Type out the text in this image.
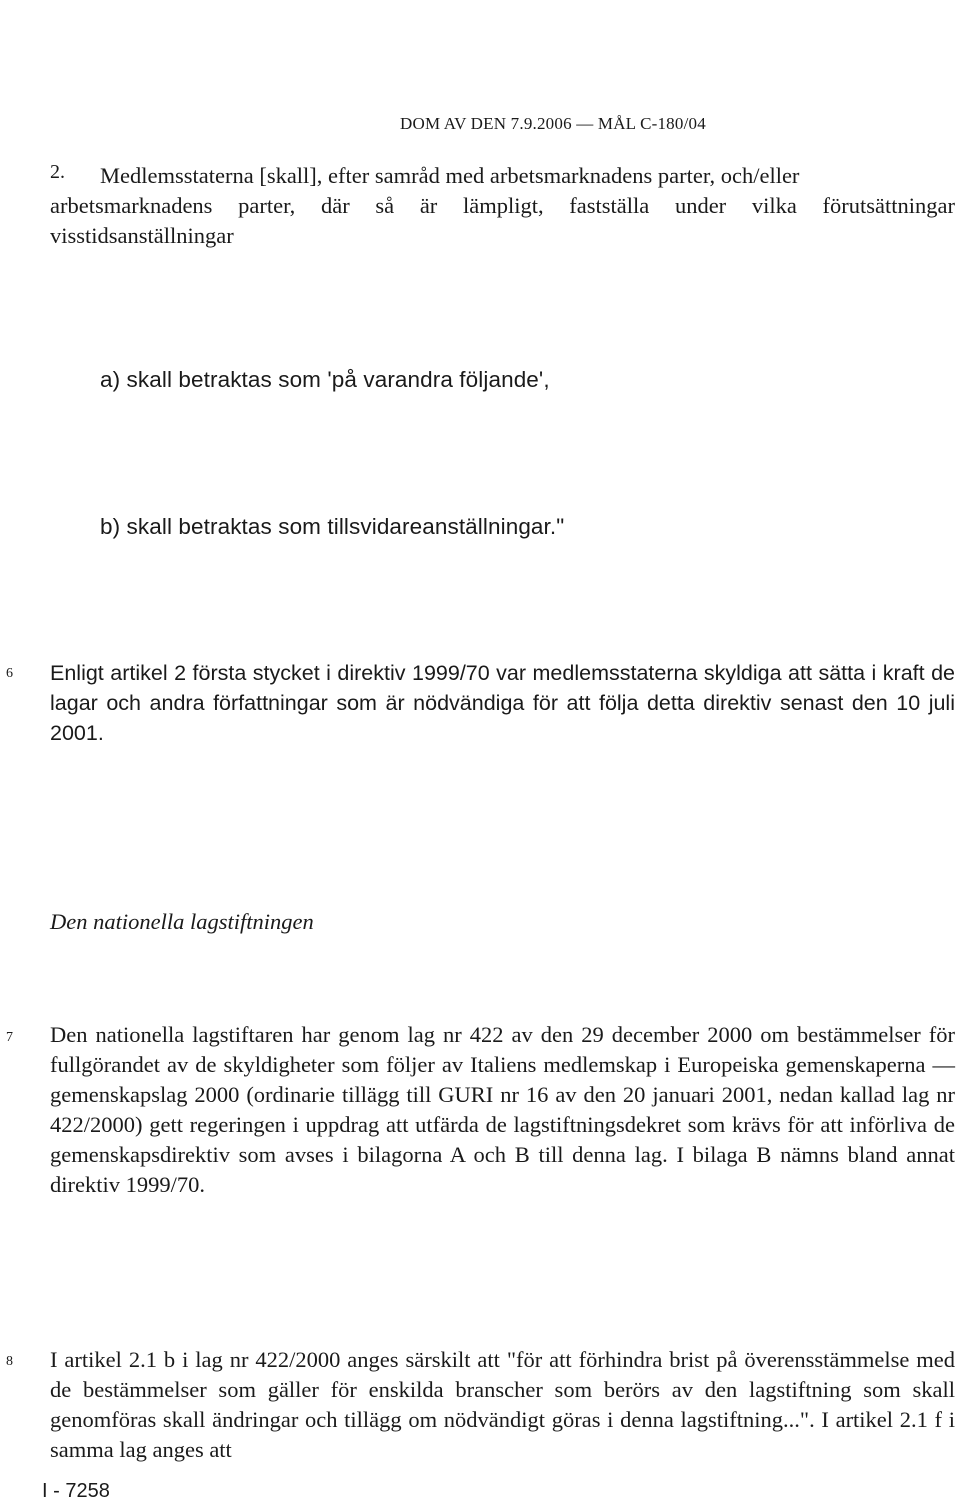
DOM AV DEN 7.9.2006 — MÅL C-180/04
2. Medlemsstaterna [skall], efter samråd med arbetsmarknadens parter, och/eller
arbetsmarknadens parter, där så är lämpligt, fastställa under vilka förutsättningar visstidsanställningar
a) skall betraktas som 'på varandra följande',
b) skall betraktas som tillsvidareanställningar."
6 Enligt artikel 2 första stycket i direktiv 1999/70 var medlemsstaterna skyldiga att sätta i kraft de lagar och andra författningar som är nödvändiga för att följa detta direktiv senast den 10 juli 2001.
Den nationella lagstiftningen
7 Den nationella lagstiftaren har genom lag nr 422 av den 29 december 2000 om bestämmelser för fullgörandet av de skyldigheter som följer av Italiens medlemskap i Europeiska gemenskaperna — gemenskapslag 2000 (ordinarie tillägg till GURI nr 16 av den 20 januari 2001, nedan kallad lag nr 422/2000) gett regeringen i uppdrag att utfärda de lagstiftningsdekret som krävs för att införliva de gemenskapsdirektiv som avses i bilagorna A och B till denna lag. I bilaga B nämns bland annat direktiv 1999/70.
8 I artikel 2.1 b i lag nr 422/2000 anges särskilt att "för att förhindra brist på överensstämmelse med de bestämmelser som gäller för enskilda branscher som berörs av den lagstiftning som skall genomföras skall ändringar och tillägg om nödvändigt göras i denna lagstiftning...". I artikel 2.1 f i samma lag anges att
I - 7258
